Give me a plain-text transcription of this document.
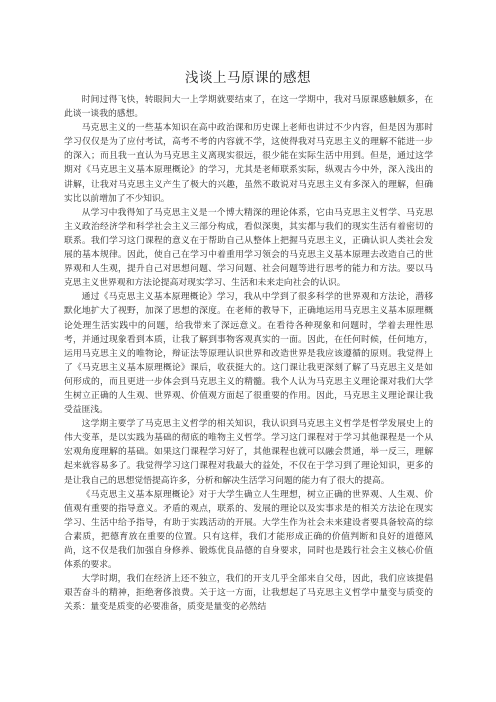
浅谈上马原课的感想

时间过得飞快，转眼间大一上学期就要结束了，在这一学期中，我对马原课感触颇多，在此谈一谈我的感想。

马克思主义的一些基本知识在高中政治课和历史课上老师也讲过不少内容，但是因为那时学习仅仅是为了应付考试，高考不考的内容就不学，这使得我对马克思主义的理解不能进一步的深入；而且我一直认为马克思主义离现实很远，很少能在实际生活中用到。但是，通过这学期对《马克思主义基本原理概论》的学习，尤其是老师联系实际，纵观古今中外，深入浅出的讲解，让我对马克思主义产生了极大的兴趣，虽然不敢说对马克思主义有多深入的理解，但确实比以前增加了不少知识。

从学习中我得知了马克思主义是一个博大精深的理论体系，它由马克思主义哲学、马克思主义政治经济学和科学社会主义三部分构成，看似深奥，其实都与我们的现实生活有着密切的联系。我们学习这门课程的意义在于帮助自己从整体上把握马克思主义，正确认识人类社会发展的基本规律。因此，使自己在学习中着重用学习领会的马克思主义基本原理去改造自己的世界观和人生观，提升自己对思想问题、学习问题、社会问题等进行思考的能力和方法。要以马克思主义世界观和方法论提高对现实学习、生活和未来走向社会的认识。

通过《马克思主义基本原理概论》学习，我从中学到了很多科学的世界观和方法论，潜移默化地扩大了视野，加深了思想的深度。在老师的教导下，正确地运用马克思主义基本原理概论处理生活实践中的问题，给我带来了深远意义。在看待各种现象和问题时，学着去理性思考，并通过现象看到本质，让我了解到事物客观真实的一面。因此，在任何时候，任何地方，运用马克思主义的唯物论，辩证法等原理认识世界和改造世界是我应该遵循的原则。我觉得上了《马克思主义基本原理概论》课后，收获挺大的。这门课让我更深刻了解了马克思主义是如何形成的，而且更进一步体会到马克思主义的精髓。我个人认为马克思主义理论课对我们大学生树立正确的人生观、世界观、价值观方面起了很重要的作用。因此，马克思主义理论课让我受益匪浅。

这学期主要学了马克思主义哲学的相关知识，我认识到马克思主义哲学是哲学发展史上的伟大变革，是以实践为基础的彻底的唯物主义哲学。学习这门课程对于学习其他课程是一个从宏观角度理解的基础。如果这门课程学习好了，其他课程也就可以融会贯通，举一反三，理解起来就容易多了。我觉得学习这门课程对我最大的益处，不仅在于学习到了理论知识，更多的是让我自己的思想觉悟提高许多，分析和解决生活学习问题的能力有了很大的提高。

《马克思主义基本原理概论》对于大学生确立人生理想，树立正确的世界观、人生观、价值观有重要的指导意义。矛盾的观点，联系的、发展的理论以及实事求是的相关方法论在现实学习、生活中给予指导，有助于实践活动的开展。大学生作为社会未来建设者要具备较高的综合素质，把德育放在重要的位置。只有这样，我们才能形成正确的价值判断和良好的道德风尚，这不仅是我们加强自身修养、锻炼优良品德的自身要求，同时也是践行社会主义核心价值体系的要求。

大学时期，我们在经济上还不独立，我们的开支几乎全部来自父母，因此，我们应该提倡艰苦奋斗的精神，拒绝奢侈浪费。关于这一方面，让我想起了马克思主义哲学中量变与质变的关系：量变是质变的必要准备，质变是量变的必然结
